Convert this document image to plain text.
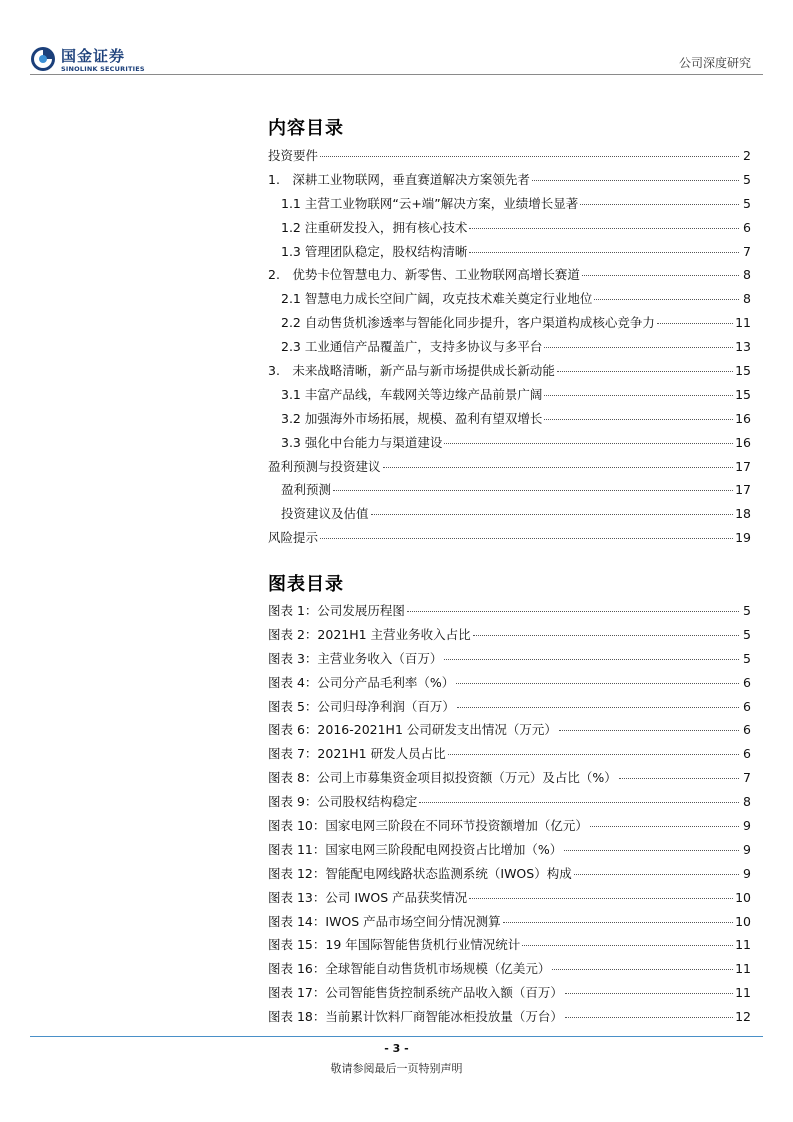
国金证券
SINOLINK SECURITIES	公司深度研究
内容目录
投资要件	2
1.　深耕工业物联网，垂直赛道解决方案领先者	5
1.1 主营工业物联网“云+端”解决方案，业绩增长显著	5
1.2 注重研发投入，拥有核心技术	6
1.3 管理团队稳定，股权结构清晰	7
2.　优势卡位智慧电力、新零售、工业物联网高增长赛道	8
2.1 智慧电力成长空间广阔，攻克技术难关奠定行业地位	8
2.2 自动售货机渗透率与智能化同步提升，客户渠道构成核心竞争力	11
2.3 工业通信产品覆盖广，支持多协议与多平台	13
3.　未来战略清晰，新产品与新市场提供成长新动能	15
3.1 丰富产品线，车载网关等边缘产品前景广阔	15
3.2 加强海外市场拓展，规模、盈利有望双增长	16
3.3 强化中台能力与渠道建设	16
盈利预测与投资建议	17
盈利预测	17
投资建议及估值	18
风险提示	19
图表目录
图表 1：公司发展历程图	5
图表 2：2021H1 主营业务收入占比	5
图表 3：主营业务收入（百万）	5
图表 4：公司分产品毛利率（%）	6
图表 5：公司归母净利润（百万）	6
图表 6：2016-2021H1 公司研发支出情况（万元）	6
图表 7：2021H1 研发人员占比	6
图表 8：公司上市募集资金项目拟投资额（万元）及占比（%）	7
图表 9：公司股权结构稳定	8
图表 10：国家电网三阶段在不同环节投资额增加（亿元）	9
图表 11：国家电网三阶段配电网投资占比增加（%）	9
图表 12：智能配电网线路状态监测系统（IWOS）构成	9
图表 13：公司 IWOS 产品获奖情况	10
图表 14：IWOS 产品市场空间分情况测算	10
图表 15：19 年国际智能售货机行业情况统计	11
图表 16：全球智能自动售货机市场规模（亿美元）	11
图表 17：公司智能售货控制系统产品收入额（百万）	11
图表 18：当前累计饮料厂商智能冰柜投放量（万台）	12
- 3 -
敬请参阅最后一页特别声明
